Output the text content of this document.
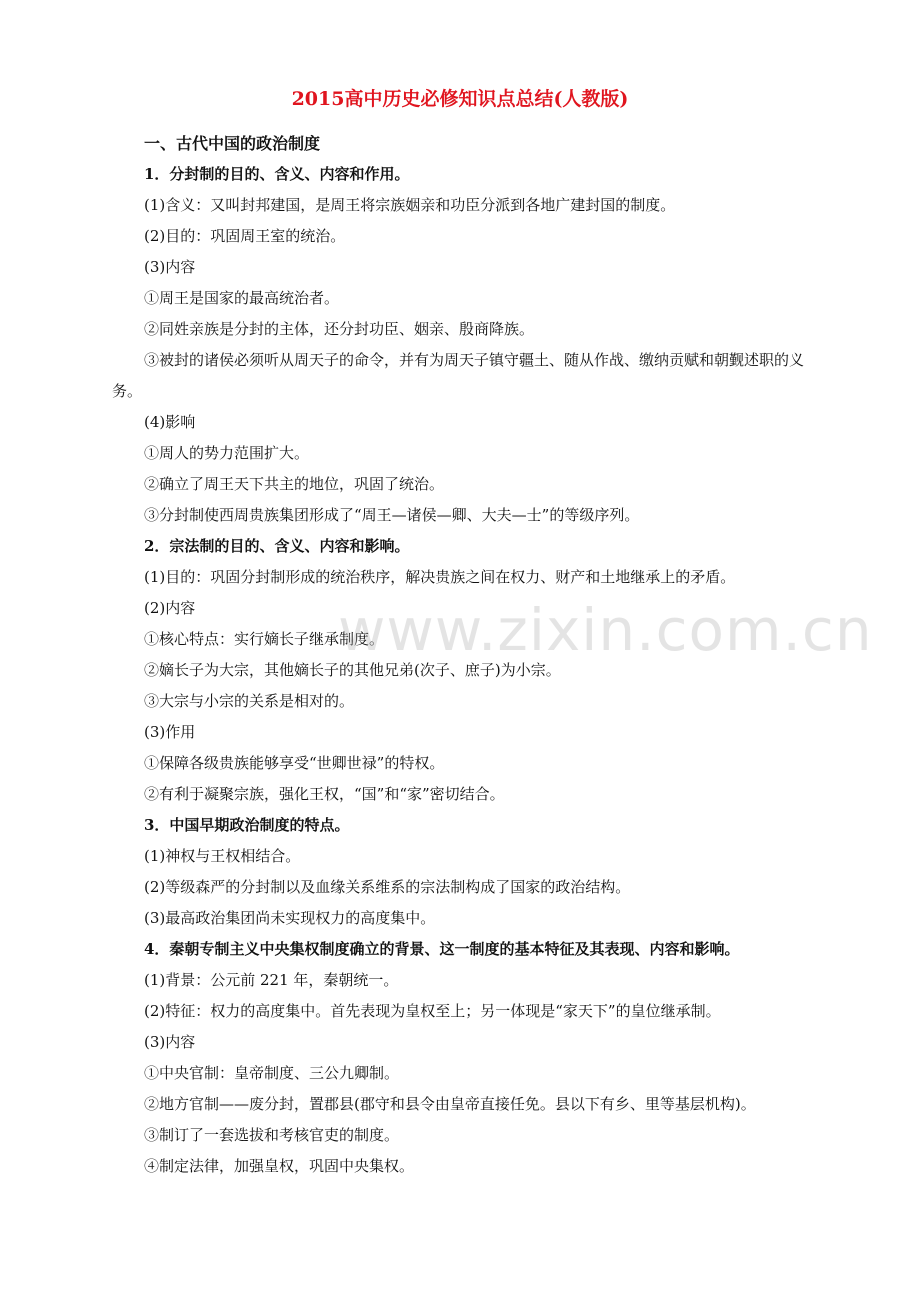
2015高中历史必修知识点总结(人教版)
一、古代中国的政治制度
1．分封制的目的、含义、内容和作用。
(1)含义：又叫封邦建国，是周王将宗族姻亲和功臣分派到各地广建封国的制度。
(2)目的：巩固周王室的统治。
(3)内容
①周王是国家的最高统治者。
②同姓亲族是分封的主体，还分封功臣、姻亲、殷商降族。
③被封的诸侯必须听从周天子的命令，并有为周天子镇守疆土、随从作战、缴纳贡赋和朝觐述职的义务。
(4)影响
①周人的势力范围扩大。
②确立了周王天下共主的地位，巩固了统治。
③分封制使西周贵族集团形成了“周王—诸侯—卿、大夫—士”的等级序列。
2．宗法制的目的、含义、内容和影响。
(1)目的：巩固分封制形成的统治秩序，解决贵族之间在权力、财产和土地继承上的矛盾。
(2)内容
①核心特点：实行嫡长子继承制度。
②嫡长子为大宗，其他嫡长子的其他兄弟(次子、庶子)为小宗。
③大宗与小宗的关系是相对的。
(3)作用
①保障各级贵族能够享受“世卿世禄”的特权。
②有利于凝聚宗族，强化王权，“国”和“家”密切结合。
3．中国早期政治制度的特点。
(1)神权与王权相结合。
(2)等级森严的分封制以及血缘关系维系的宗法制构成了国家的政治结构。
(3)最高政治集团尚未实现权力的高度集中。
4．秦朝专制主义中央集权制度确立的背景、这一制度的基本特征及其表现、内容和影响。
(1)背景：公元前 221 年，秦朝统一。
(2)特征：权力的高度集中。首先表现为皇权至上；另一体现是“家天下”的皇位继承制。
(3)内容
①中央官制：皇帝制度、三公九卿制。
②地方官制——废分封，置郡县(郡守和县令由皇帝直接任免。县以下有乡、里等基层机构)。
③制订了一套选拔和考核官吏的制度。
④制定法律，加强皇权，巩固中央集权。
www.zixin.com.cn
